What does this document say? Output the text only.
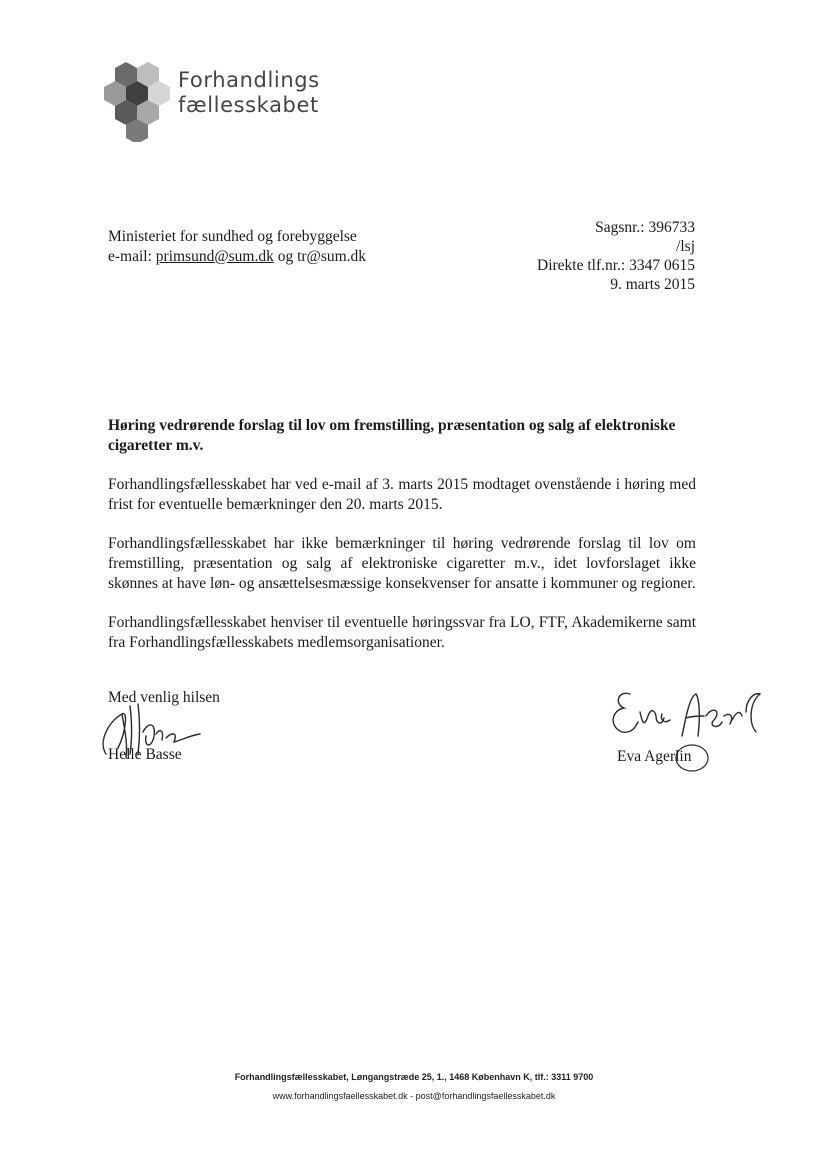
Forhandlings
fællesskabet
Ministeriet for sundhed og forebyggelse
e-mail: primsund@sum.dk og tr@sum.dk
Sagsnr.: 396733
/lsj
Direkte tlf.nr.: 3347 0615
9. marts 2015

Høring vedrørende forslag til lov om fremstilling, præsentation og salg af elektroniske cigaretter m.v.

Forhandlingsfællesskabet har ved e-mail af 3. marts 2015 modtaget ovenstående i høring med frist for eventuelle bemærkninger den 20. marts 2015.

Forhandlingsfællesskabet har ikke bemærkninger til høring vedrørende forslag til lov om fremstilling, præsentation og salg af elektroniske cigaretter m.v., idet lovforslaget ikke skønnes at have løn- og ansættelsesmæssige konsekvenser for ansatte i kommuner og regioner.

Forhandlingsfællesskabet henviser til eventuelle høringssvar fra LO, FTF, Akademikerne samt fra Forhandlingsfællesskabets medlemsorganisationer.

Med venlig hilsen
Helle Basse	Eva Agerlin
Forhandlingsfællesskabet, Løngangstræde 25, 1., 1468 København K, tlf.: 3311 9700
www.forhandlingsfaellesskabet.dk - post@forhandlingsfaellesskabet.dk
